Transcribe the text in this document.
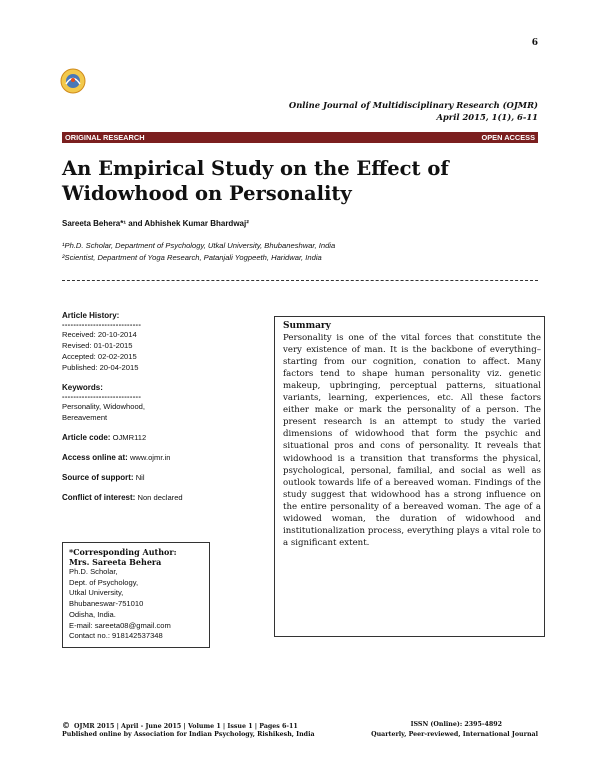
6
Online Journal of Multidisciplinary Research (OJMR)
April 2015, 1(1), 6-11
ORIGINAL RESEARCH	OPEN ACCESS
An Empirical Study on the Effect of Widowhood on Personality
Sareeta Behera*¹ and Abhishek Kumar Bhardwaj²
¹Ph.D. Scholar, Department of Psychology, Utkal University, Bhubaneshwar, India
²Scientist, Department of Yoga Research, Patanjali Yogpeeth, Haridwar, India
Article History:
----------------------------
Received: 20-10-2014
Revised: 01-01-2015
Accepted: 02-02-2015
Published: 20-04-2015
Keywords:
----------------------------
Personality, Widowhood, Bereavement
Article code: OJMR112
Access online at: www.ojmr.in
Source of support: Nil
Conflict of interest: Non declared
*Corresponding Author:
Mrs. Sareeta Behera
Ph.D. Scholar,
Dept. of Psychology,
Utkal University,
Bhubaneswar-751010
Odisha, India.
E-mail: sareeta08@gmail.com
Contact no.: 918142537348
Summary
Personality is one of the vital forces that constitute the very existence of man. It is the backbone of everything–starting from our cognition, conation to affect. Many factors tend to shape human personality viz. genetic makeup, upbringing, perceptual patterns, situational variants, learning, experiences, etc. All these factors either make or mark the personality of a person. The present research is an attempt to study the varied dimensions of widowhood that form the psychic and situational pros and cons of personality. It reveals that widowhood is a transition that transforms the physical, psychological, personal, familial, and social as well as outlook towards life of a bereaved woman. Findings of the study suggest that widowhood has a strong influence on the entire personality of a bereaved woman. The age of a widowed woman, the duration of widowhood and institutionalization process, everything plays a vital role to a significant extent.
© OJMR 2015 | April - June 2015 | Volume 1 | Issue 1 | Pages 6-11	ISSN (Online): 2395-4892
Published online by Association for Indian Psychology, Rishikesh, India	Quarterly, Peer-reviewed, International Journal
